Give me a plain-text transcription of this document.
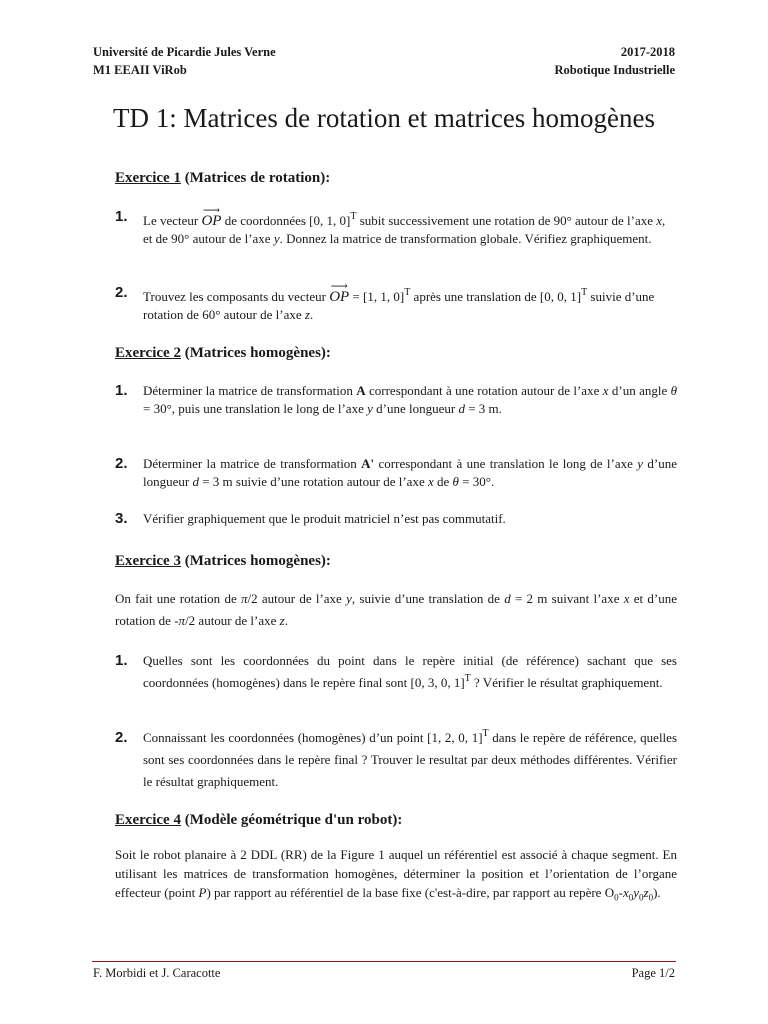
Université de Picardie Jules Verne
M1 EEAII ViRob
2017-2018
Robotique Industrielle
TD 1: Matrices de rotation et matrices homogènes
Exercice 1 (Matrices de rotation):
1. Le vecteur
⟶
OP de coordonnées [0, 1, 0]$^T$ subit successivement une rotation de 90° autour de l’axe x, et de 90° autour de l’axe y. Donnez la matrice de transformation globale. Vérifiez graphiquement.
2. Trouvez les composants du vecteur
⟶
OP = [1, 1, 0]$^T$ après une translation de [0, 0, 1]$^T$ suivie d’une rotation de 60° autour de l’axe z.
Exercice 2 (Matrices homogènes):
1. Déterminer la matrice de transformation A correspondant à une rotation autour de l’axe x d’un angle θ = 30°, puis une translation le long de l’axe y d’une longueur d = 3 m.
2. Déterminer la matrice de transformation A' correspondant à une translation le long de l’axe y d’une longueur d = 3 m suivie d’une rotation autour de l’axe x de θ = 30°.
3. Vérifier graphiquement que le produit matriciel n’est pas commutatif.
Exercice 3 (Matrices homogènes):
On fait une rotation de π/2 autour de l’axe y, suivie d’une translation de d = 2 m suivant l’axe x et d’une rotation de -π/2 autour de l’axe z.
1. Quelles sont les coordonnées du point dans le repère initial (de référence) sachant que ses coordonnées (homogènes) dans le repère final sont [0, 3, 0, 1]$^T$ ? Vérifier le résultat graphiquement.
2. Connaissant les coordonnées (homogènes) d’un point [1, 2, 0, 1]$^T$ dans le repère de référence, quelles sont ses coordonnées dans le repère final ? Trouver le resultat par deux méthodes différentes. Vérifier le résultat graphiquement.
Exercice 4 (Modèle géométrique d'un robot):
Soit le robot planaire à 2 DDL (RR) de la Figure 1 auquel un référentiel est associé à chaque segment. En utilisant les matrices de transformation homogènes, déterminer la position et l’orientation de l’organe effecteur (point P) par rapport au référentiel de la base fixe (c'est-à-dire, par rapport au repère $O_0-x_0y_0z_0$).
F. Morbidi et J. Caracotte	Page 1/2
